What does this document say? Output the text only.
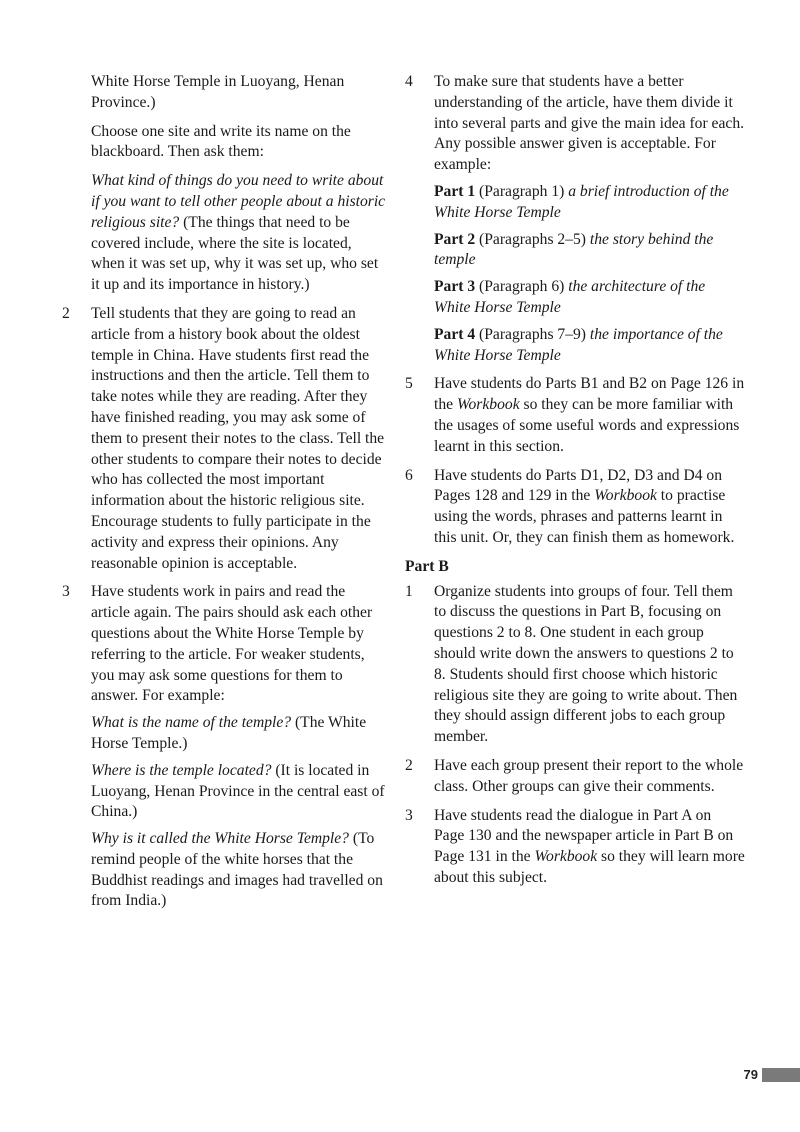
White Horse Temple in Luoyang, Henan Province.)

Choose one site and write its name on the blackboard. Then ask them:

What kind of things do you need to write about if you want to tell other people about a historic religious site? (The things that need to be covered include, where the site is located, when it was set up, why it was set up, who set it up and its importance in history.)

2	Tell students that they are going to read an article from a history book about the oldest temple in China. Have students first read the instructions and then the article. Tell them to take notes while they are reading. After they have finished reading, you may ask some of them to present their notes to the class. Tell the other students to compare their notes to decide who has collected the most important information about the historic religious site. Encourage students to fully participate in the activity and express their opinions. Any reasonable opinion is acceptable.
3	Have students work in pairs and read the article again. The pairs should ask each other questions about the White Horse Temple by referring to the article. For weaker students, you may ask some questions for them to answer. For example:

What is the name of the temple? (The White Horse Temple.)

Where is the temple located? (It is located in Luoyang, Henan Province in the central east of China.)

Why is it called the White Horse Temple? (To remind people of the white horses that the Buddhist readings and images had travelled on from India.)

4	To make sure that students have a better understanding of the article, have them divide it into several parts and give the main idea for each. Any possible answer given is acceptable. For example:

Part 1 (Paragraph 1) a brief introduction of the White Horse Temple

Part 2 (Paragraphs 2–5) the story behind the temple

Part 3 (Paragraph 6) the architecture of the White Horse Temple

Part 4 (Paragraphs 7–9) the importance of the White Horse Temple

5	Have students do Parts B1 and B2 on Page 126 in the Workbook so they can be more familiar with the usages of some useful words and expressions learnt in this section.
6	Have students do Parts D1, D2, D3 and D4 on Pages 128 and 129 in the Workbook to practise using the words, phrases and patterns learnt in this unit. Or, they can finish them as homework.
Part B
1	Organize students into groups of four. Tell them to discuss the questions in Part B, focusing on questions 2 to 8. One student in each group should write down the answers to questions 2 to 8. Students should first choose which historic religious site they are going to write about. Then they should assign different jobs to each group member.
2	Have each group present their report to the whole class. Other groups can give their comments.
3	Have students read the dialogue in Part A on Page 130 and the newspaper article in Part B on Page 131 in the Workbook so they will learn more about this subject.
79
